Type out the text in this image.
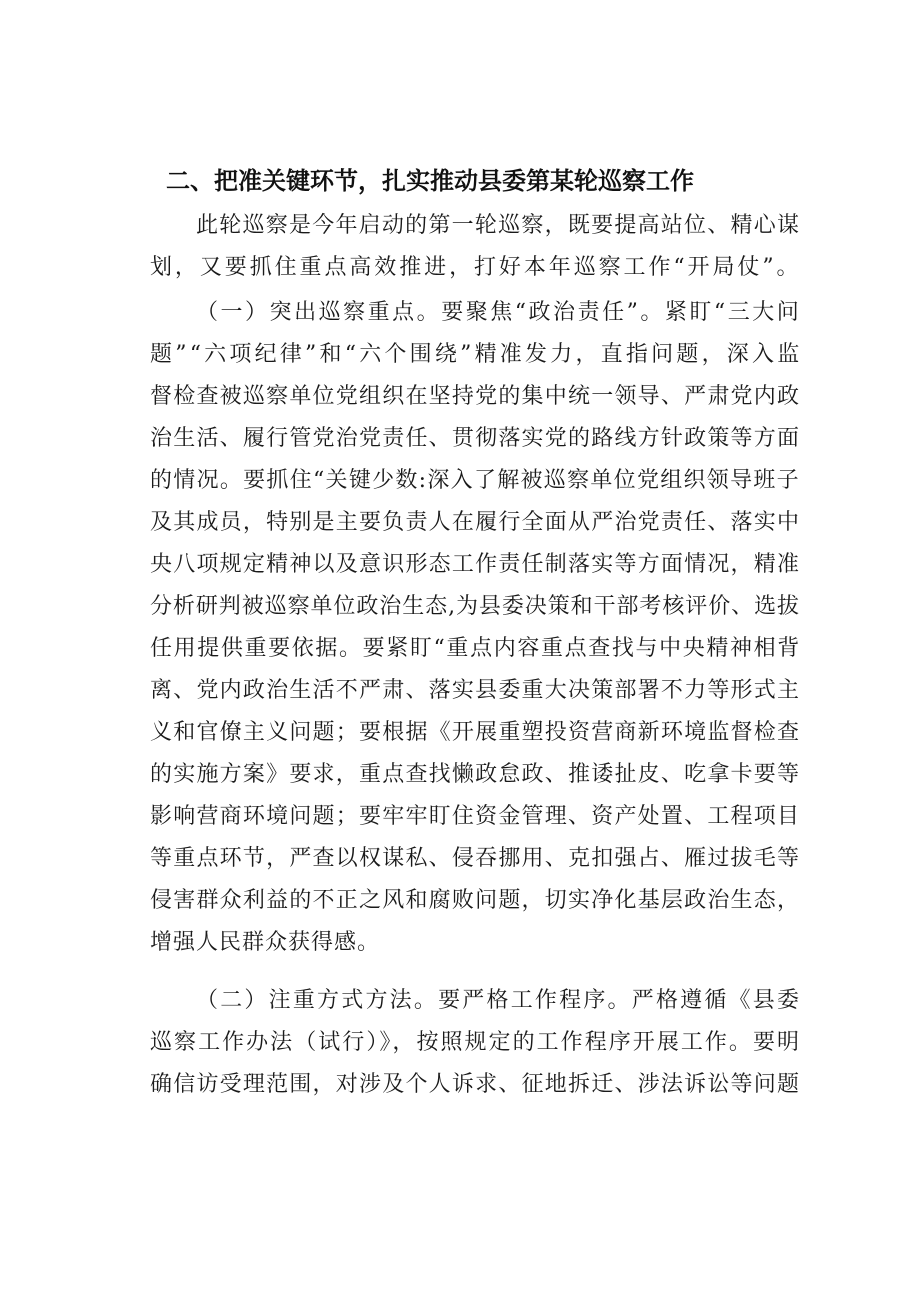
二、把准关键环节，扎实推动县委第某轮巡察工作
此轮巡察是今年启动的第一轮巡察，既要提高站位、精心谋
划，又要抓住重点高效推进，打好本年巡察工作“开局仗”。
（一）突出巡察重点。要聚焦“政治责任”。紧盯“三大问
题”“六项纪律”和“六个围绕”精准发力，直指问题，深入监
督检查被巡察单位党组织在坚持党的集中统一领导、严肃党内政
治生活、履行管党治党责任、贯彻落实党的路线方针政策等方面
的情况。要抓住“关键少数:深入了解被巡察单位党组织领导班子
及其成员，特别是主要负责人在履行全面从严治党责任、落实中
央八项规定精神以及意识形态工作责任制落实等方面情况，精准
分析研判被巡察单位政治生态,为县委决策和干部考核评价、选拔
任用提供重要依据。要紧盯“重点内容重点查找与中央精神相背
离、党内政治生活不严肃、落实县委重大决策部署不力等形式主
义和官僚主义问题；要根据《开展重塑投资营商新环境监督检查
的实施方案》要求，重点查找懒政怠政、推诿扯皮、吃拿卡要等
影响营商环境问题；要牢牢盯住资金管理、资产处置、工程项目
等重点环节，严查以权谋私、侵吞挪用、克扣强占、雁过拔毛等
侵害群众利益的不正之风和腐败问题，切实净化基层政治生态，
增强人民群众获得感。
（二）注重方式方法。要严格工作程序。严格遵循《县委
巡察工作办法（试行）》，按照规定的工作程序开展工作。要明
确信访受理范围，对涉及个人诉求、征地拆迁、涉法诉讼等问题
